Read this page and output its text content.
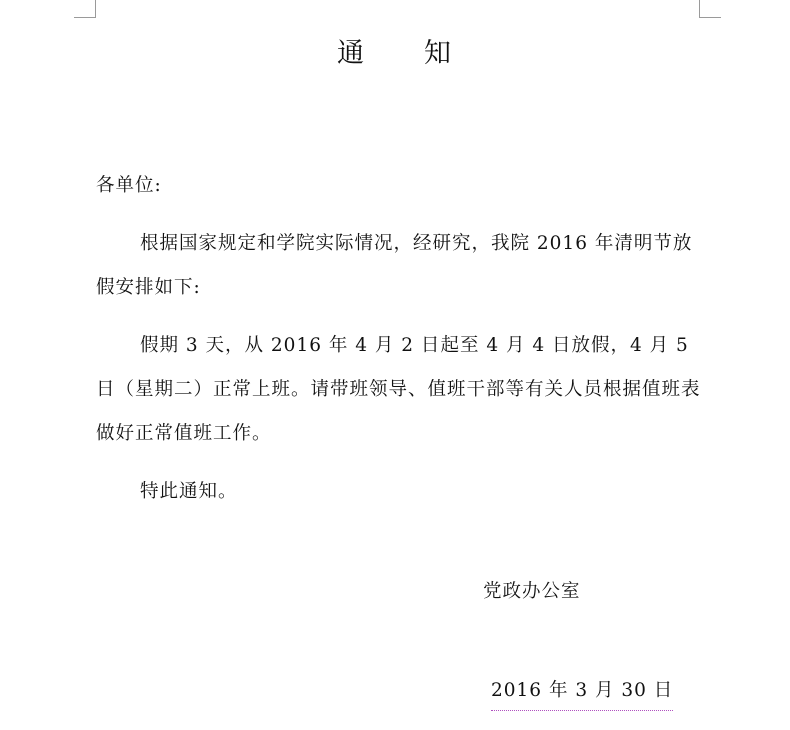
通　　知
各单位:
根据国家规定和学院实际情况，经研究，我院 2016 年清明节放假安排如下:
假期 3 天，从 2016 年 4 月 2 日起至 4 月 4 日放假，4 月 5 日（星期二）正常上班。请带班领导、值班干部等有关人员根据值班表做好正常值班工作。
特此通知。
党政办公室
2016 年 3 月 30 日
